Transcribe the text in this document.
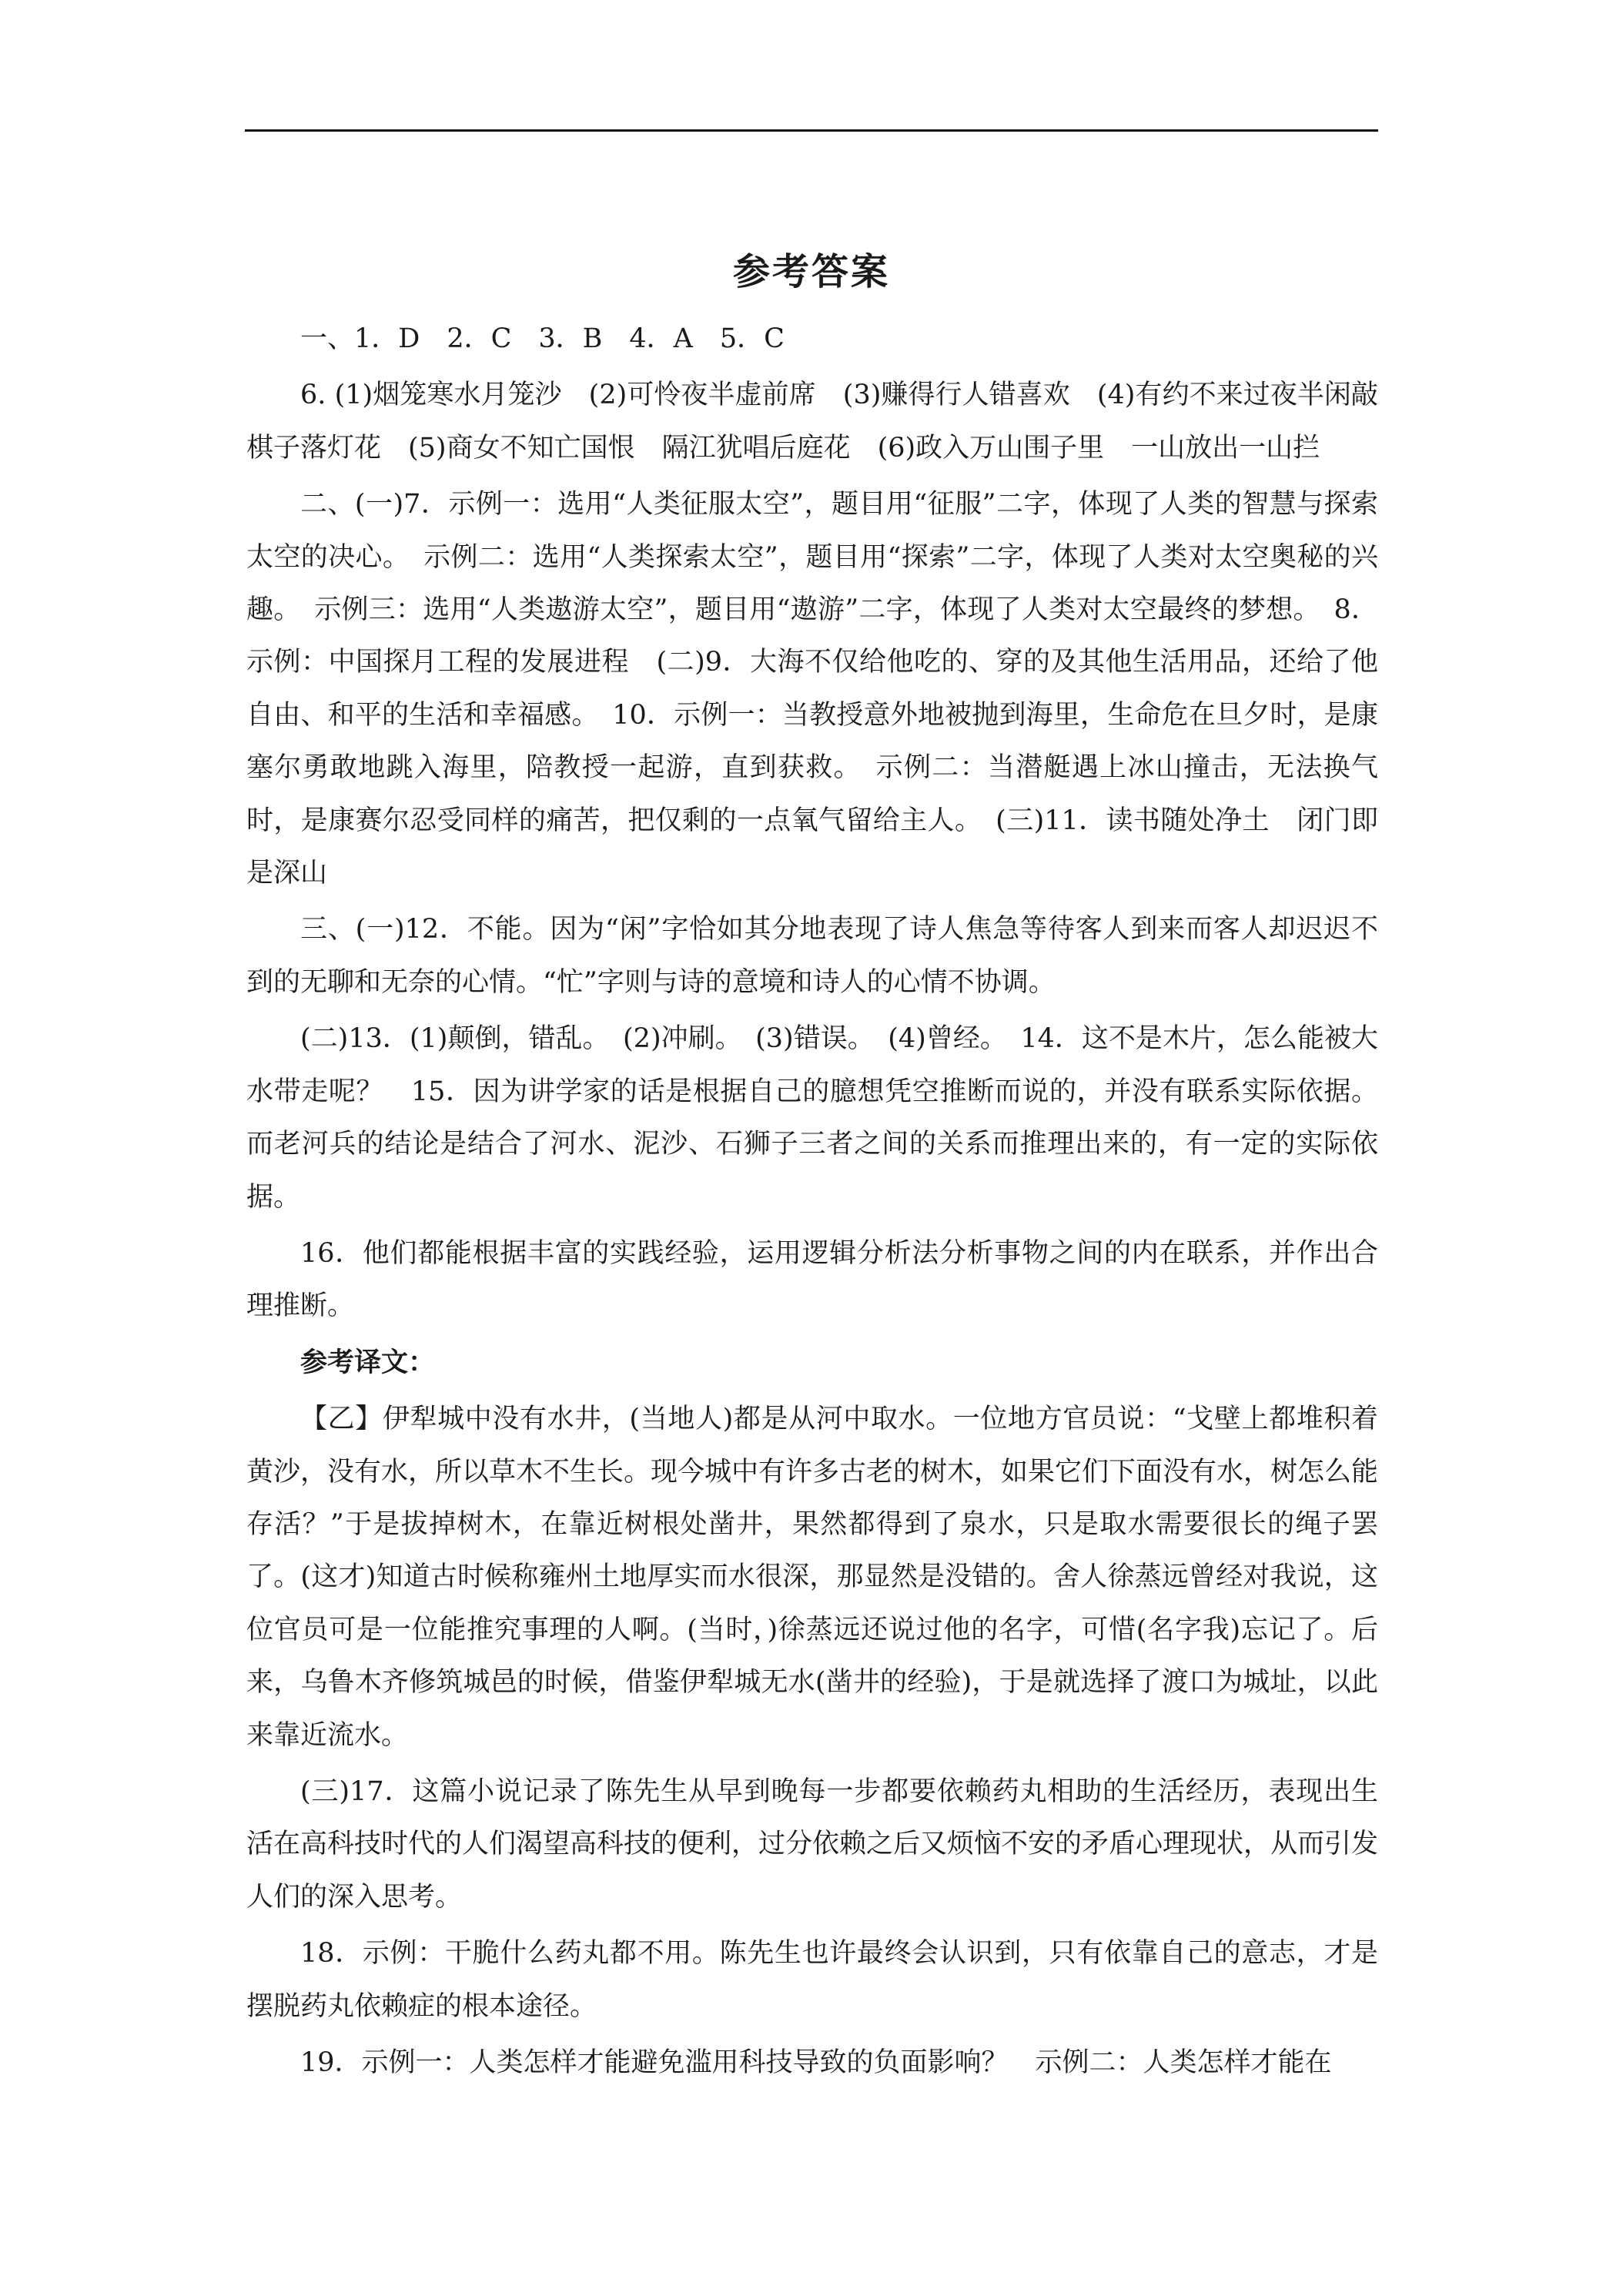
参考答案

一、1．D　2．C　3．B　4．A　5．C

6. (1)烟笼寒水月笼沙　(2)可怜夜半虚前席　(3)赚得行人错喜欢　(4)有约不来过夜半闲敲棋子落灯花　(5)商女不知亡国恨　隔江犹唱后庭花　(6)政入万山围子里　一山放出一山拦

二、(一)7．示例一：选用“人类征服太空”，题目用“征服”二字，体现了人类的智慧与探索太空的决心。　示例二：选用“人类探索太空”，题目用“探索”二字，体现了人类对太空奥秘的兴趣。　示例三：选用“人类遨游太空”，题目用“遨游”二字，体现了人类对太空最终的梦想。　8．示例：中国探月工程的发展进程　(二)9．大海不仅给他吃的、穿的及其他生活用品，还给了他自由、和平的生活和幸福感。　10．示例一：当教授意外地被抛到海里，生命危在旦夕时，是康塞尔勇敢地跳入海里，陪教授一起游，直到获救。　示例二：当潜艇遇上冰山撞击，无法换气时，是康赛尔忍受同样的痛苦，把仅剩的一点氧气留给主人。　(三)11．读书随处净土　闭门即是深山

三、(一)12．不能。因为“闲”字恰如其分地表现了诗人焦急等待客人到来而客人却迟迟不到的无聊和无奈的心情。“忙”字则与诗的意境和诗人的心情不协调。

(二)13．(1)颠倒，错乱。　(2)冲刷。　(3)错误。　(4)曾经。　14．这不是木片，怎么能被大水带走呢？　15．因为讲学家的话是根据自己的臆想凭空推断而说的，并没有联系实际依据。而老河兵的结论是结合了河水、泥沙、石狮子三者之间的关系而推理出来的，有一定的实际依据。

16．他们都能根据丰富的实践经验，运用逻辑分析法分析事物之间的内在联系，并作出合理推断。

参考译文：

【乙】伊犁城中没有水井，(当地人)都是从河中取水。一位地方官员说：“戈壁上都堆积着黄沙，没有水，所以草木不生长。现今城中有许多古老的树木，如果它们下面没有水，树怎么能存活？”于是拔掉树木，在靠近树根处凿井，果然都得到了泉水，只是取水需要很长的绳子罢了。(这才)知道古时候称雍州土地厚实而水很深，那显然是没错的。舍人徐蒸远曾经对我说，这位官员可是一位能推究事理的人啊。(当时，)徐蒸远还说过他的名字，可惜(名字我)忘记了。后来，乌鲁木齐修筑城邑的时候，借鉴伊犁城无水(凿井的经验)，于是就选择了渡口为城址，以此来靠近流水。

(三)17．这篇小说记录了陈先生从早到晚每一步都要依赖药丸相助的生活经历，表现出生活在高科技时代的人们渴望高科技的便利，过分依赖之后又烦恼不安的矛盾心理现状，从而引发人们的深入思考。

18．示例：干脆什么药丸都不用。陈先生也许最终会认识到，只有依靠自己的意志，才是摆脱药丸依赖症的根本途径。

19．示例一：人类怎样才能避免滥用科技导致的负面影响？　示例二：人类怎样才能在
